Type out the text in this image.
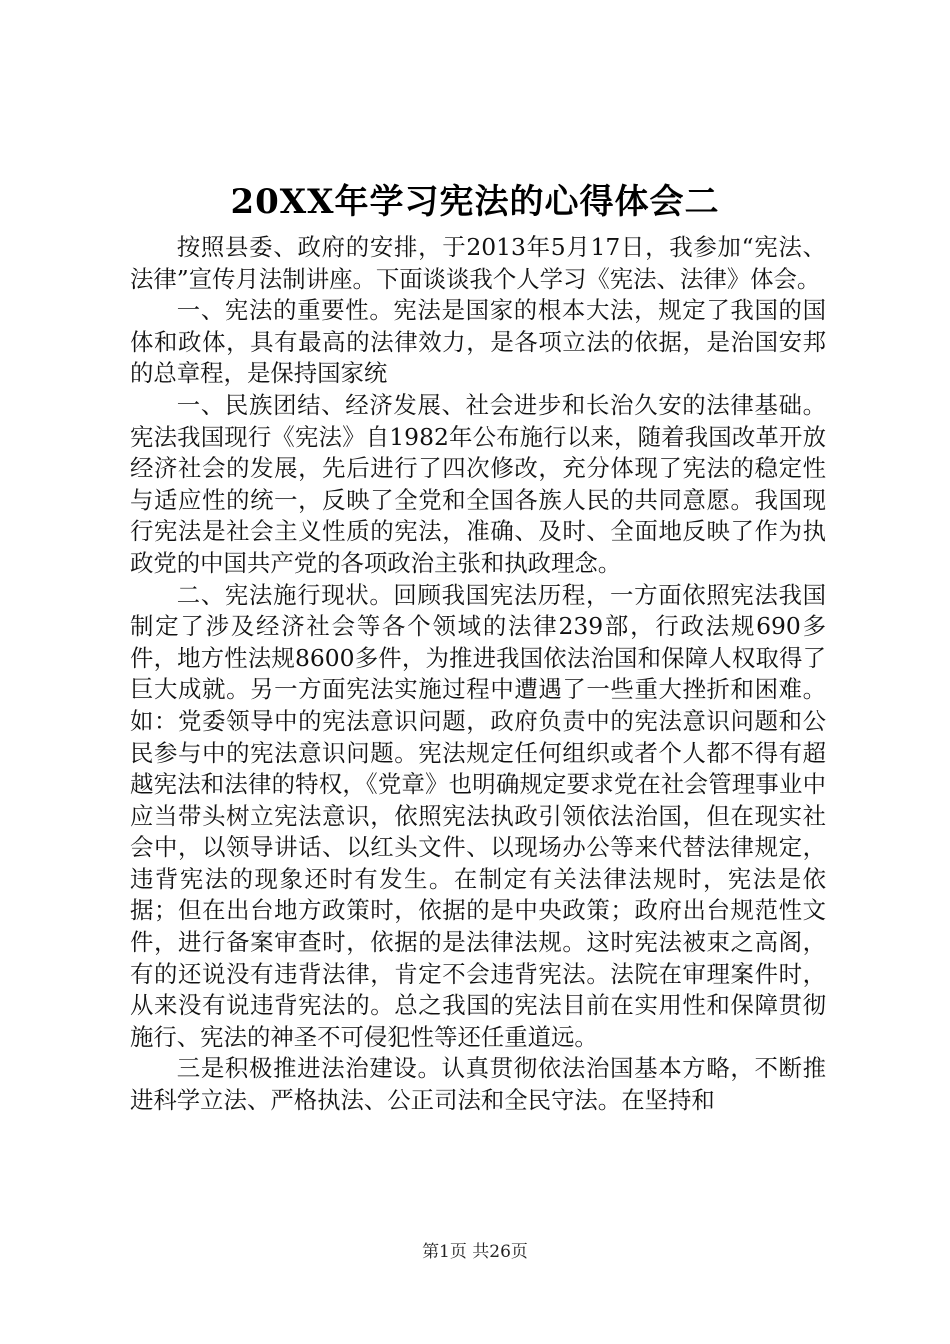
20XX年学习宪法的心得体会二

按照县委、政府的安排，于2013年5月17日，我参加“宪法、法律”宣传月法制讲座。下面谈谈我个人学习《宪法、法律》体会。

一、宪法的重要性。宪法是国家的根本大法，规定了我国的国体和政体，具有最高的法律效力，是各项立法的依据，是治国安邦的总章程，是保持国家统

一、民族团结、经济发展、社会进步和长治久安的法律基础。宪法我国现行《宪法》自1982年公布施行以来，随着我国改革开放经济社会的发展，先后进行了四次修改，充分体现了宪法的稳定性与适应性的统一，反映了全党和全国各族人民的共同意愿。我国现行宪法是社会主义性质的宪法，准确、及时、全面地反映了作为执政党的中国共产党的各项政治主张和执政理念。

二、宪法施行现状。回顾我国宪法历程，一方面依照宪法我国制定了涉及经济社会等各个领域的法律239部，行政法规690多件，地方性法规8600多件，为推进我国依法治国和保障人权取得了巨大成就。另一方面宪法实施过程中遭遇了一些重大挫折和困难。如：党委领导中的宪法意识问题，政府负责中的宪法意识问题和公民参与中的宪法意识问题。宪法规定任何组织或者个人都不得有超越宪法和法律的特权，《党章》也明确规定要求党在社会管理事业中应当带头树立宪法意识，依照宪法执政引领依法治国，但在现实社会中，以领导讲话、以红头文件、以现场办公等来代替法律规定，违背宪法的现象还时有发生。在制定有关法律法规时，宪法是依据；但在出台地方政策时，依据的是中央政策；政府出台规范性文件，进行备案审查时，依据的是法律法规。这时宪法被束之高阁，有的还说没有违背法律，肯定不会违背宪法。法院在审理案件时，从来没有说违背宪法的。总之我国的宪法目前在实用性和保障贯彻施行、宪法的神圣不可侵犯性等还任重道远。

三是积极推进法治建设。认真贯彻依法治国基本方略，不断推进科学立法、严格执法、公正司法和全民守法。在坚持和

第1页 共26页
